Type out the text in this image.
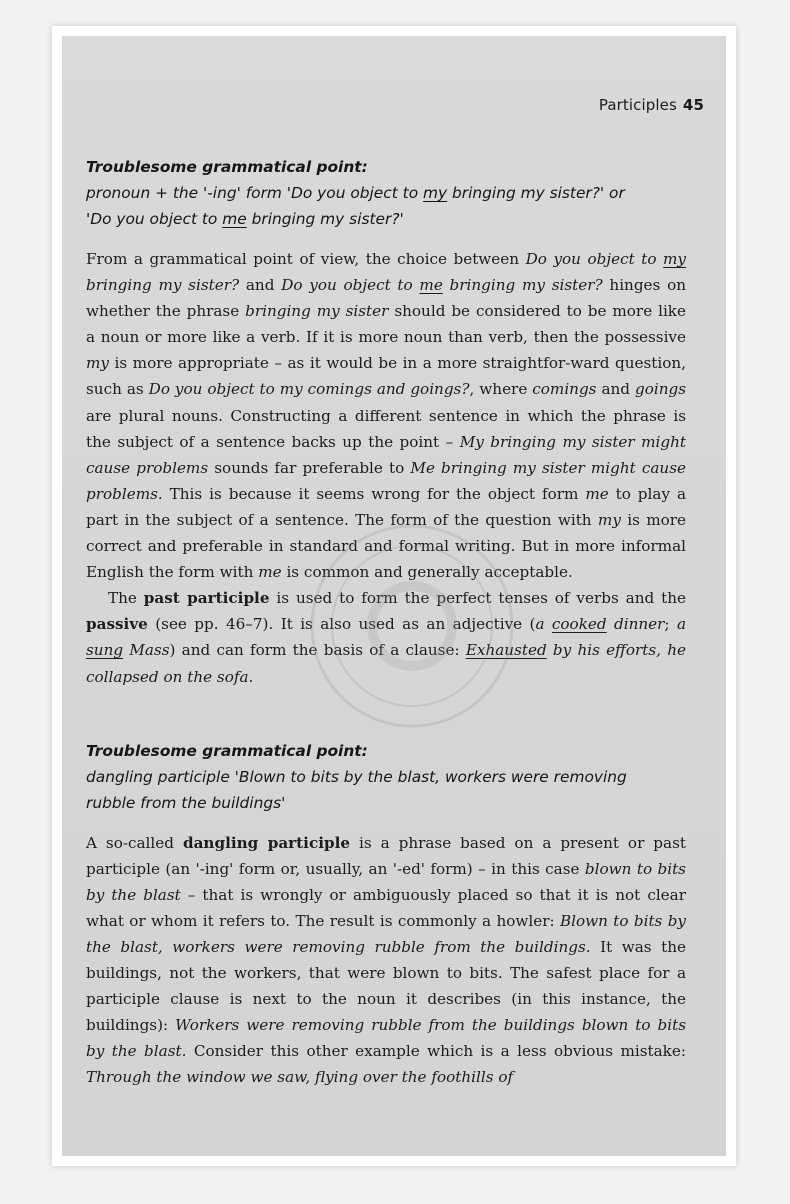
Participles 45
Troublesome grammatical point:
pronoun + the '-ing' form 'Do you object to my bringing my sister?' or
'Do you object to me bringing my sister?'

From a grammatical point of view, the choice between Do you object to my bringing my sister? and Do you object to me bringing my sister? hinges on whether the phrase bringing my sister should be considered to be more like a noun or more like a verb. If it is more noun than verb, then the possessive my is more appropriate – as it would be in a more straightfor-ward question, such as Do you object to my comings and goings?, where comings and goings are plural nouns. Constructing a different sentence in which the phrase is the subject of a sentence backs up the point – My bringing my sister might cause problems sounds far preferable to Me bringing my sister might cause problems. This is because it seems wrong for the object form me to play a part in the subject of a sentence. The form of the question with my is more correct and preferable in standard and formal writing. But in more informal English the form with me is common and generally acceptable.

The past participle is used to form the perfect tenses of verbs and the passive (see pp. 46–7). It is also used as an adjective (a cooked dinner; a sung Mass) and can form the basis of a clause: Exhausted by his efforts, he collapsed on the sofa.

Troublesome grammatical point:
dangling participle 'Blown to bits by the blast, workers were removing
rubble from the buildings'

A so-called dangling participle is a phrase based on a present or past participle (an '-ing' form or, usually, an '-ed' form) – in this case blown to bits by the blast – that is wrongly or ambiguously placed so that it is not clear what or whom it refers to. The result is commonly a howler: Blown to bits by the blast, workers were removing rubble from the buildings. It was the buildings, not the workers, that were blown to bits. The safest place for a participle clause is next to the noun it describes (in this instance, the buildings): Workers were removing rubble from the buildings blown to bits by the blast. Consider this other example which is a less obvious mistake: Through the window we saw, flying over the foothills of
